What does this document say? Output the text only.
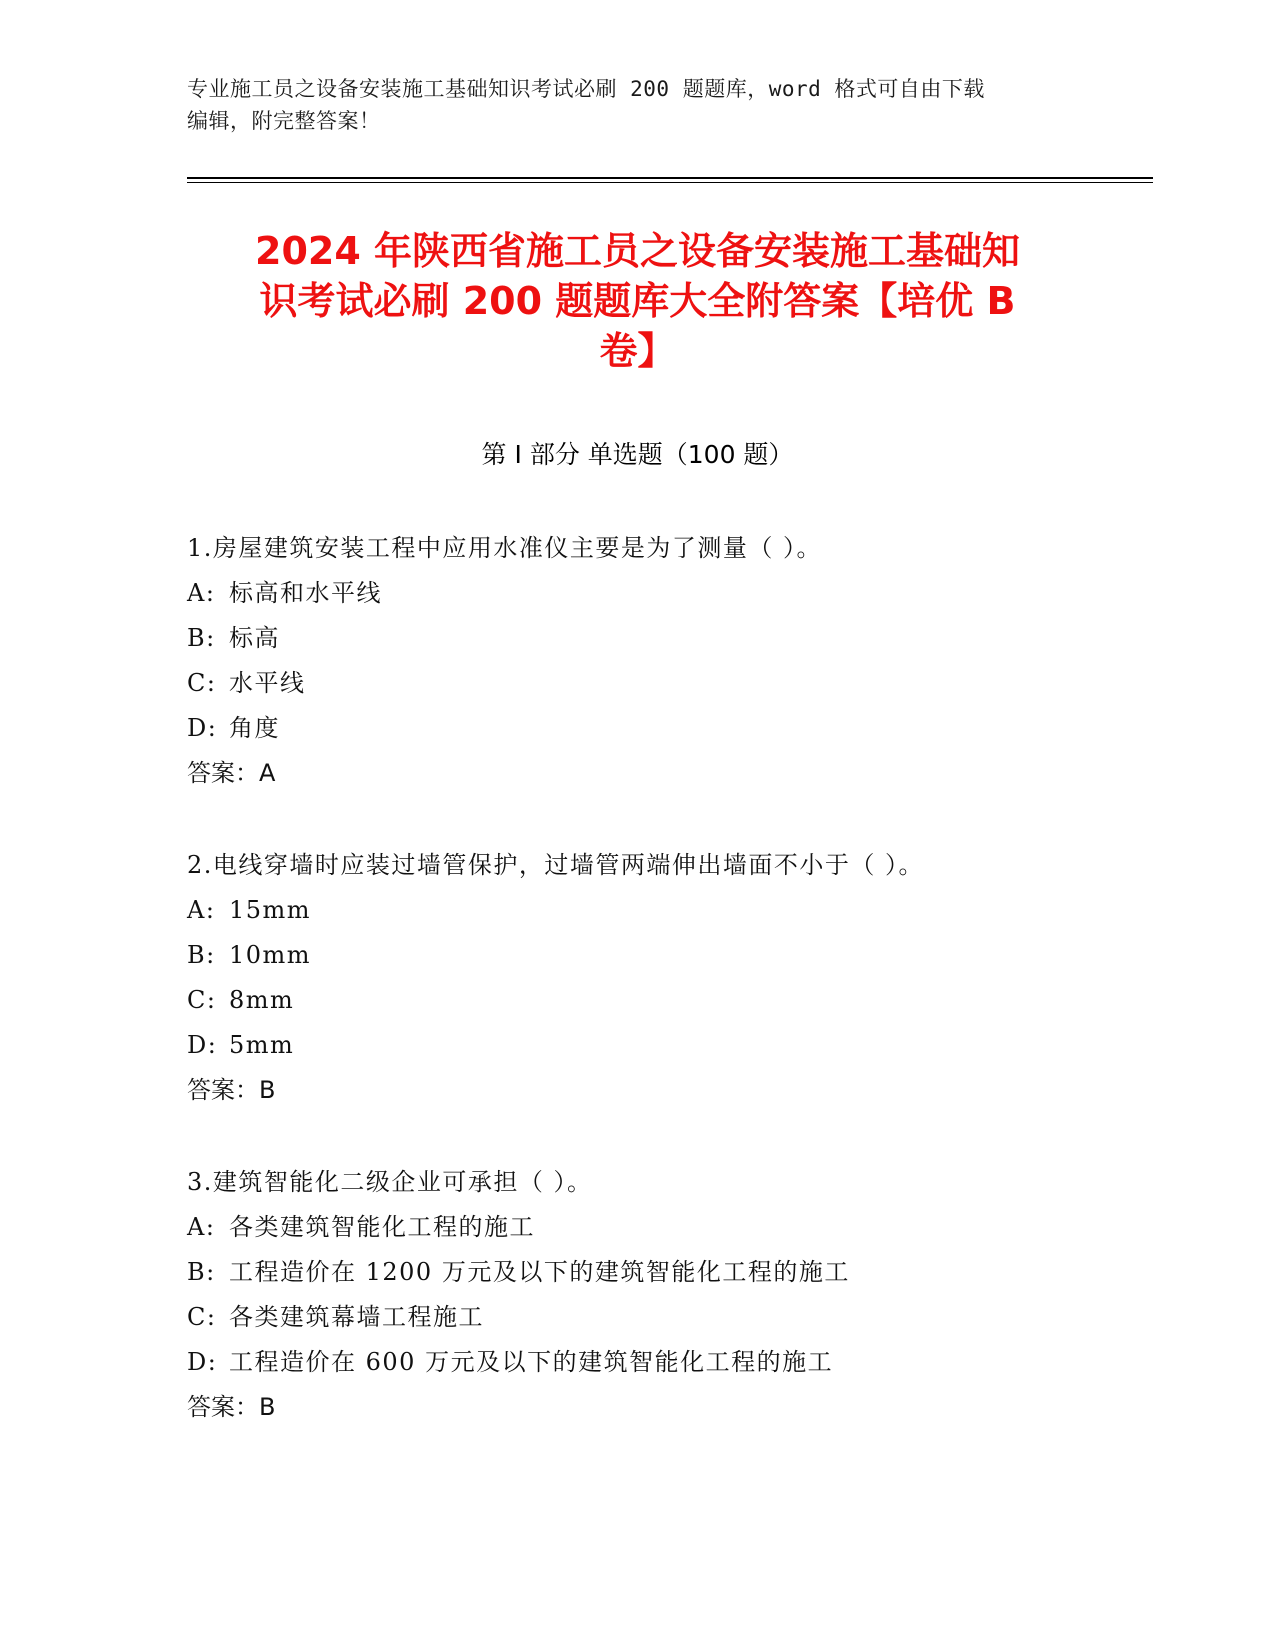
专业施工员之设备安装施工基础知识考试必刷 200 题题库，word 格式可自由下载
编辑，附完整答案！
2024 年陕西省施工员之设备安装施工基础知
识考试必刷 200 题题库大全附答案【培优 B
卷】
第 I 部分 单选题（100 题）
1.房屋建筑安装工程中应用水准仪主要是为了测量（ ）。
A: 标高和水平线
B: 标高
C: 水平线
D: 角度
答案：A
2.电线穿墙时应装过墙管保护，过墙管两端伸出墙面不小于（ ）。
A: 15mm
B: 10mm
C: 8mm
D: 5mm
答案：B
3.建筑智能化二级企业可承担（ ）。
A: 各类建筑智能化工程的施工
B: 工程造价在 1200 万元及以下的建筑智能化工程的施工
C: 各类建筑幕墙工程施工
D: 工程造价在 600 万元及以下的建筑智能化工程的施工
答案：B
